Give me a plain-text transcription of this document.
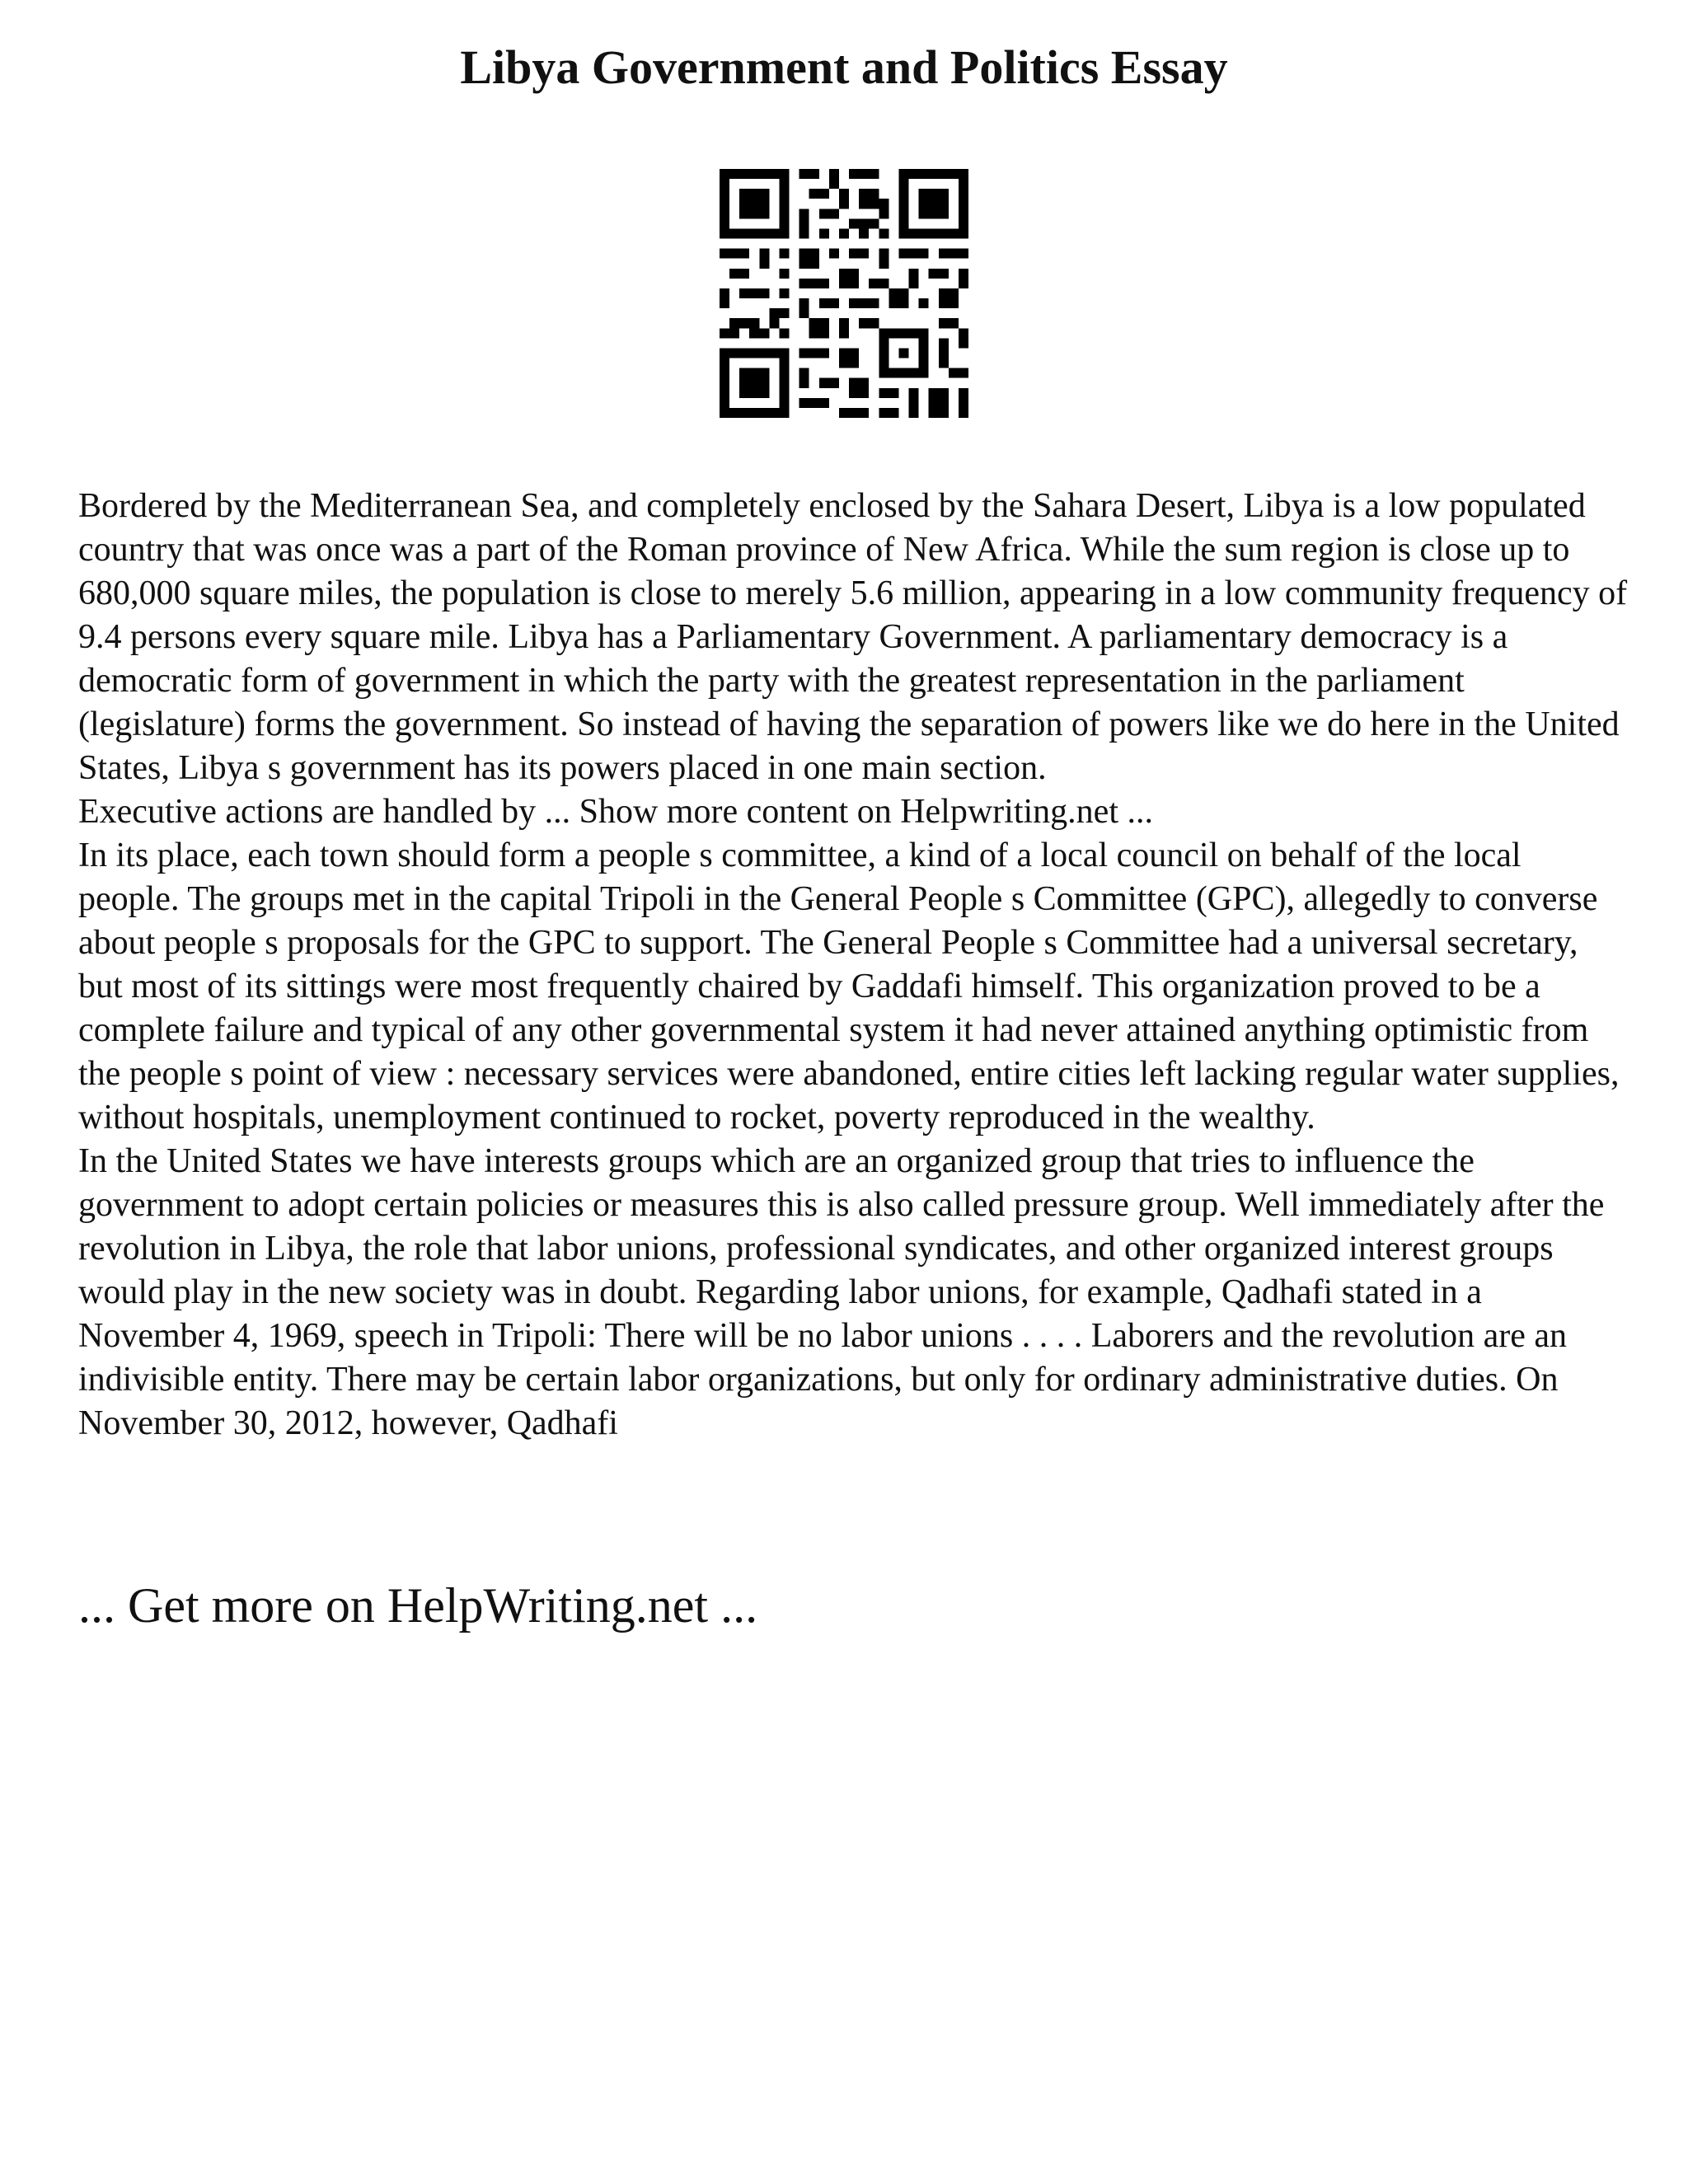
Libya Government and Politics Essay

Bordered by the Mediterranean Sea, and completely enclosed by the Sahara Desert, Libya is a low populated country that was once was a part of the Roman province of New Africa. While the sum region is close up to 680,000 square miles, the population is close to merely 5.6 million, appearing in a low community frequency of 9.4 persons every square mile. Libya has a Parliamentary Government. A parliamentary democracy is a democratic form of government in which the party with the greatest representation in the parliament (legislature) forms the government. So instead of having the separation of powers like we do here in the United States, Libya s government has its powers placed in one main section.

Executive actions are handled by ... Show more content on Helpwriting.net ...

In its place, each town should form a people s committee, a kind of a local council on behalf of the local people. The groups met in the capital Tripoli in the General People s Committee (GPC), allegedly to converse about people s proposals for the GPC to support. The General People s Committee had a universal secretary, but most of its sittings were most frequently chaired by Gaddafi himself. This organization proved to be a complete failure and typical of any other governmental system it had never attained anything optimistic from the people s point of view : necessary services were abandoned, entire cities left lacking regular water supplies, without hospitals, unemployment continued to rocket, poverty reproduced in the wealthy.

In the United States we have interests groups which are an organized group that tries to influence the government to adopt certain policies or measures this is also called pressure group. Well immediately after the revolution in Libya, the role that labor unions, professional syndicates, and other organized interest groups would play in the new society was in doubt. Regarding labor unions, for example, Qadhafi stated in a November 4, 1969, speech in Tripoli: There will be no labor unions . . . . Laborers and the revolution are an indivisible entity. There may be certain labor organizations, but only for ordinary administrative duties. On November 30, 2012, however, Qadhafi

... Get more on HelpWriting.net ...
